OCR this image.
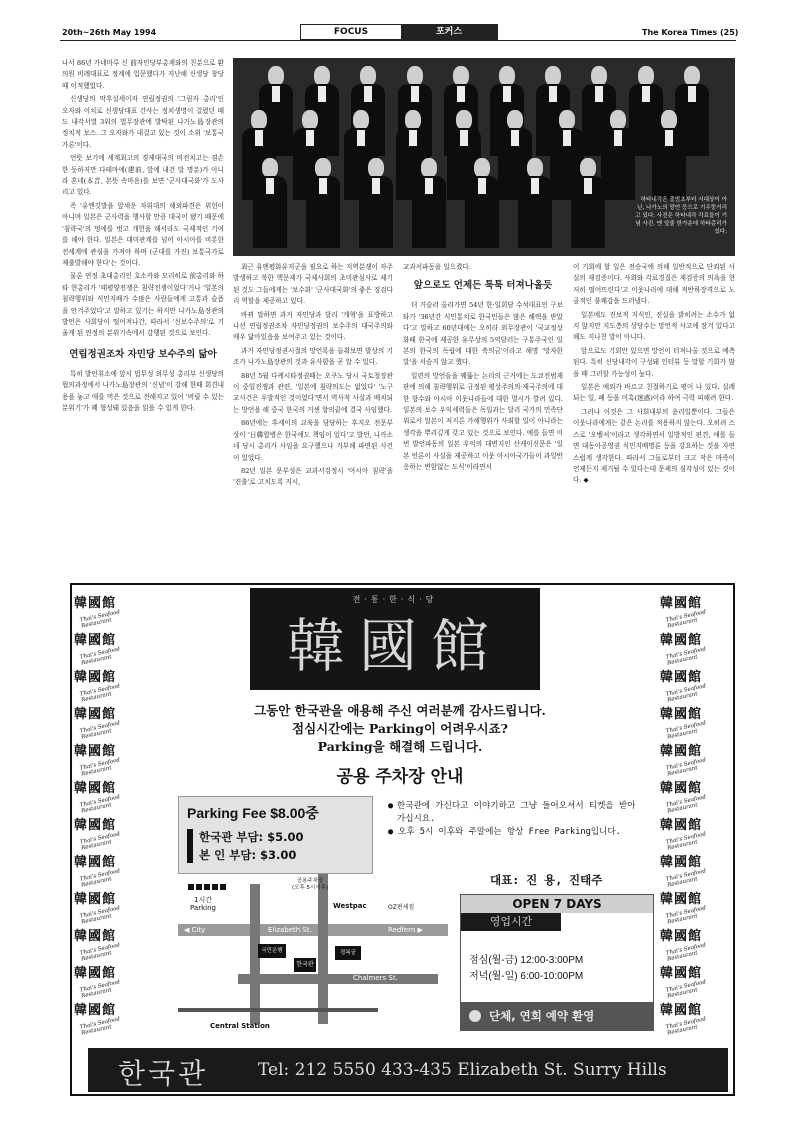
20th~26th May 1994	FOCUS	포커스	The Korea Times (25)
하타내각은 출범초부터 시대상이 아닌, 나가노의 망언 등으로 기우뚱거리고 있다. 사진은 하타내각 각료들이 기념 사진. 맨 앞줄 한가운데 하타총리가 섰다.

나서 86년 가네마루 신 前자민당부총재와의 친분으로 환의원 비례대표로 정계에 입문했다가 지난해 신생당 창당때 이적했었다.

신생당의 막후실세이자 연립정권의 '그림자 총리'인 오자와 이치로 신생당대표 간사는 정치생명이 걸렸던 때도 내각서열 3위의 법무장관에 발탁된 나가노島장관의 정치적 보스. 그 오자와가 내걸고 있는 것이 소위 '보통국가론'이다.

언뜻 보기에 세계최고의 경제대국의 비전치고는 겸손한 듯하지만 다테마에(建前, 앞에 내건 말 명분)가 아니라 혼네(本音, 본뜻 속마음)를 보면 '군사대국화'가 도사리고 있다.

즉 '유엔깃발을 앞세운 자위대의 해외파견은 위헌이 아니며 일본은 군사력을 행사할 만큼 대국이 됐기 때문에 '침략국'의 멍에를 벗고 개헌을 해서라도 국제적인 기여를 해야 한다. 일본은 대미관계를 넘어 아시아를 비롯한 전세계에 관심을 가져야 하며 (군대를 가진) 보통국가로 재출발해야 한다'는 것이다.

물론 연정 초대총리인 호소카와 모리히로 前총리와 하타 현총리가 '태평양전쟁은 침략전쟁이었다'거나 '일본의 침략행위와 식민지배가 수많은 사람들에게 고통과 슬픔을 안겨주었다'고 말하고 있기는 하지만 나가노島장관의 발언은 사회당이 떨어져나간, 따라서 '신보수주의'로 기울게 된 연정의 분위기속에서 감행된 것으로 보인다.

연립정권조차 자민당 보수주의 닮아

특히 발언취소에 앞서 법무성 외무성 총리부 신생당의 협의과정에서 나가노島장관의 '신념'이 강해 한때 회견내용을 놓고 애를 먹은 것으로 전해지고 있어 '버릴 수 있는 분위기'가 꽤 형성돼 있음을 읽을 수 있게 한다.

최근 유엔평화유지군을 필요로 하는 지역분쟁이 자주 발생하고 북한 핵문제가 국제사회의 초미관심사로 제기된 것도 그들에게는 '보수화' '군사대국화'의 좋은 징검다리 역할을 제공하고 있다.

바뀌 말하면 과거 자민당과 달리 '개혁'을 표방하고 나선 연립정권조차 자민당정권의 보수주의 대국주의와 매우 닮아있음을 보여주고 있는 것이다.

과거 자민당정권시절의 망언록을 들춰보면 발상의 기조가 나가노島장관의 것과 유사함을 곧 알 수 있다.

88년 5월 다케시타정권때는 오쿠노 당시 국토청장관이 중일전쟁과 관련, '일본에 침략의도는 없었다' '노구교사건은 우발적인 것이었다'면서 역사적 사실과 배치되는 망언을 해 중국 한국의 거센 항의끝에 결국 사임했다.

86년에는 후세이의 교육을 담당하는 후지오 전문부상이 '日韓합병은 한국에도 책임이 있다'고 발언, 나카소네 당시 총리가 사임을 요구했으나 거부해 파면된 사건이 있었다.

82년 일본 문부성은 교과서검정시 '아시아 침략'을 '진출'로 고치도록 지시,

교과서파동을 일으켰다.

앞으로도 언제든 툭툭 터져나올듯

더 거슬러 올라가면 54년 한·일회담 수석대표인 구보타가 '36년간 식민통치로 한국민들은 많은 혜택을 받았다'고 말하고 60년대에는 오히라 외무장관이 '국교정상화때 한국에 제공한 유무상의 5억달러는 구통주국인 일본의 한국의 독립에 대한 축의금'이라고 해명 '망자한 말'을 서슴지 않고 했다.

일련의 망언들을 꿰뚫는 논리의 근거에는 도쿄전범재판에 의해 침략행위로 규정된 평상주의의·제국주의에 대한 향수와 아시아 이웃나라들에 대한 멸시가 깔려 있다. 일본의 보수 우익세력들은 독일과는 달리 국가의 민족단위로서 일본이 저지른 가해행위가 사죄할 일이 아니라는 생각을 뿌리깊게 갖고 있는 것으로 보인다. 예를 들면 이번 발언파동의 일본 우익의 대변지인 산케이신문은 '일본 언론이 사실을 제공하고 이웃 아시아국가들이 과잉반응하는 변함없는 도식'이라면서

이 기회에 할 일은 전승국에 의해 일반적으로 단죄된 사실의 재검증이다. 사회와 각료경질은 재검증의 의욕을 현저히 떨어뜨린다'고 이웃나라에 대해 적반하장격으로 노골적인 불쾌감을 드러냈다.

일본에도 진보적 지식인, 진실을 밝히려는 소수가 없지 않지만 지도층의 상당수는 망언적 사고에 잠겨 있다고 해도 지나친 말이 아니다.

앞으로도 기회만 있으면 망언이 터져나올 것으로 예측된다. 특히 신당내각이 구성돼 인터뷰 등 말할 기회가 많을 때 그러할 가능성이 높다.

일본은 예외가 바르고 친절하기로 평이 나 있다. 실례되는 일, 폐 등을 미혹(迷惑)이라 하여 극력 피해려 한다.

그러나 이것은 그 사회내부의 윤리일뿐이다. 그들은 이웃나라에게는 같은 논리를 적용하지 않는다. 오히려 스스로 '오벨셔'이라고 생각하면서 일방적인 편견, 애를 들면 대동아공영권 식민지배명론 등을 강요하는 것을 자연스럽게 생각한다. 따라서 그들로부터 크고 작은 마족이 언제든지 제기될 수 있다는데 문제의 심각성이 있는 것이다. ◆

韓國館
Thai's Seafood Restaurant
韓國館
Thai's Seafood Restaurant
韓國館
Thai's Seafood Restaurant
韓國館
Thai's Seafood Restaurant
韓國館
Thai's Seafood Restaurant
韓國館
Thai's Seafood Restaurant
韓國館
Thai's Seafood Restaurant
韓國館
Thai's Seafood Restaurant
韓國館
Thai's Seafood Restaurant
韓國館
Thai's Seafood Restaurant
韓國館
Thai's Seafood Restaurant
韓國館
Thai's Seafood Restaurant
韓國館
Thai's Seafood Restaurant
韓國館
Thai's Seafood Restaurant
韓國館
Thai's Seafood Restaurant
韓國館
Thai's Seafood Restaurant
韓國館
Thai's Seafood Restaurant
韓國館
Thai's Seafood Restaurant
韓國館
Thai's Seafood Restaurant
韓國館
Thai's Seafood Restaurant
韓國館
Thai's Seafood Restaurant
韓國館
Thai's Seafood Restaurant
韓國館
Thai's Seafood Restaurant
韓國館
Thai's Seafood Restaurant
전·통·한·식·당
韓國館
그동안 한국관을 애용해 주신 여러분께 감사드립니다.
점심시간에는 Parking이 어려우시죠?
Parking을 해결해 드립니다.
공용 주차장 안내
Parking Fee $8.00중
한국관 부담: $5.00
본 인 부담: $3.00
● 한국관에 가신다고 이야기하고 그냥 들어오셔서 티켓을 받아 가십시요.
● 오후 5시 이후와 주말에는 항상 Free Parking입니다.
대표: 진 용, 진태주
OPEN 7 DAYS
영업시간
점심(월-금) 12:00-3:00PM
저녁(월-일) 6:00-10:00PM
단체, 연회 예약 환영
1시간
Parking
공용주차장
(오후 5시이후)
Westpac	OZ편세점
◀ City	Elizabeth St.	Redfern ▶
Chalmers St.
국민은행	경복궁
한국관
Central Station
한국관	Tel: 212 5550 433-435 Elizabeth St. Surry Hills
